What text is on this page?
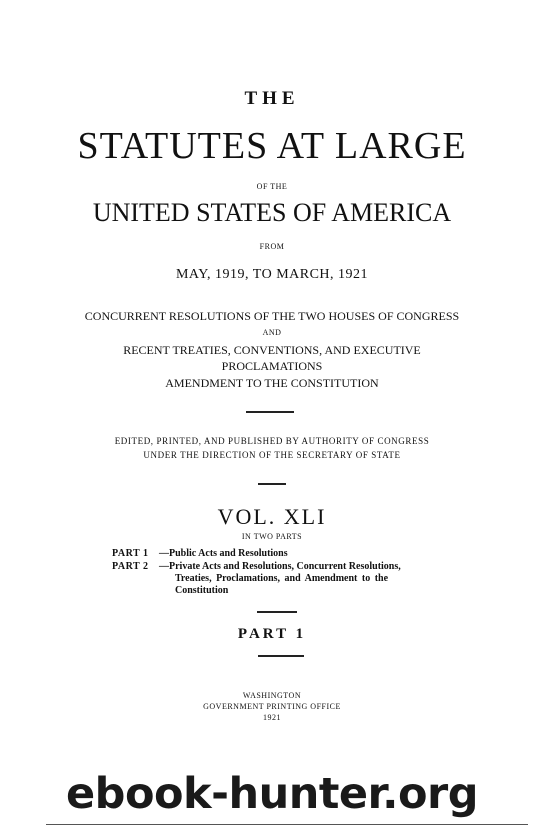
THE
STATUTES AT LARGE
OF THE
UNITED STATES OF AMERICA
FROM
MAY, 1919, TO MARCH, 1921
CONCURRENT RESOLUTIONS OF THE TWO HOUSES OF CONGRESS
AND
RECENT TREATIES, CONVENTIONS, AND EXECUTIVE
PROCLAMATIONS
AMENDMENT TO THE CONSTITUTION
EDITED, PRINTED, AND PUBLISHED BY AUTHORITY OF CONGRESS
UNDER THE DIRECTION OF THE SECRETARY OF STATE
VOL. XLI
IN TWO PARTS
PART 1 —Public Acts and Resolutions
PART 2 —Private Acts and Resolutions, Concurrent Resolutions,
Treaties, Proclamations, and Amendment to the
Constitution
PART 1
WASHINGTON
GOVERNMENT PRINTING OFFICE
1921
ebook-hunter.org
